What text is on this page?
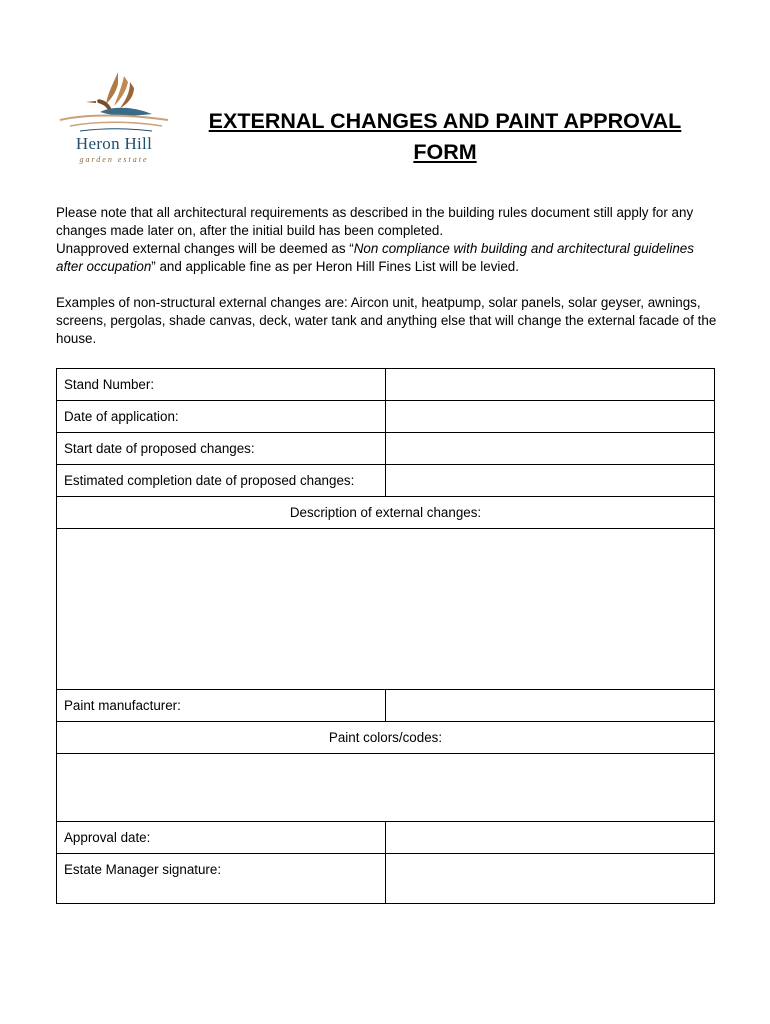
Heron Hill
garden estate
EXTERNAL CHANGES AND PAINT APPROVAL
FORM

Please note that all architectural requirements as described in the building rules document still apply for any changes made later on, after the initial build has been completed.

Unapproved external changes will be deemed as “Non compliance with building and architectural guidelines after occupation” and applicable fine as per Heron Hill Fines List will be levied.

Examples of non-structural external changes are: Aircon unit, heatpump, solar panels, solar geyser, awnings, screens, pergolas, shade canvas, deck, water tank and anything else that will change the external facade of the house.

Stand Number:	
Date of application:	
Start date of proposed changes:	
Estimated completion date of proposed changes:	
Description of external changes:	

Paint manufacturer:	
Paint colors/codes:	

Approval date:	
Estate Manager signature:	
